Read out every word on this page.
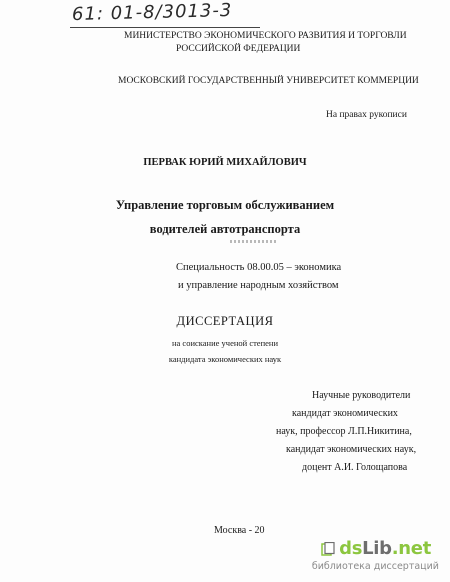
61: 01-8/3013-3
МИНИСТЕРСТВО ЭКОНОМИЧЕСКОГО РАЗВИТИЯ И ТОРГОВЛИ
РОССИЙСКОЙ ФЕДЕРАЦИИ
МОСКОВСКИЙ ГОСУДАРСТВЕННЫЙ УНИВЕРСИТЕТ КОММЕРЦИИ
На правах рукописи
ПЕРВАК ЮРИЙ МИХАЙЛОВИЧ
Управление торговым обслуживанием
водителей автотранспорта
Специальность 08.00.05 – экономика
и управление народным хозяйством
ДИССЕРТАЦИЯ
на соискание ученой степени
кандидата экономических наук
Научные руководители
кандидат экономических
наук, профессор Л.П.Никитина,
кандидат экономических наук,
доцент А.И. Голощапова
Москва - 20
dsLib.net
библиотека диссертаций
